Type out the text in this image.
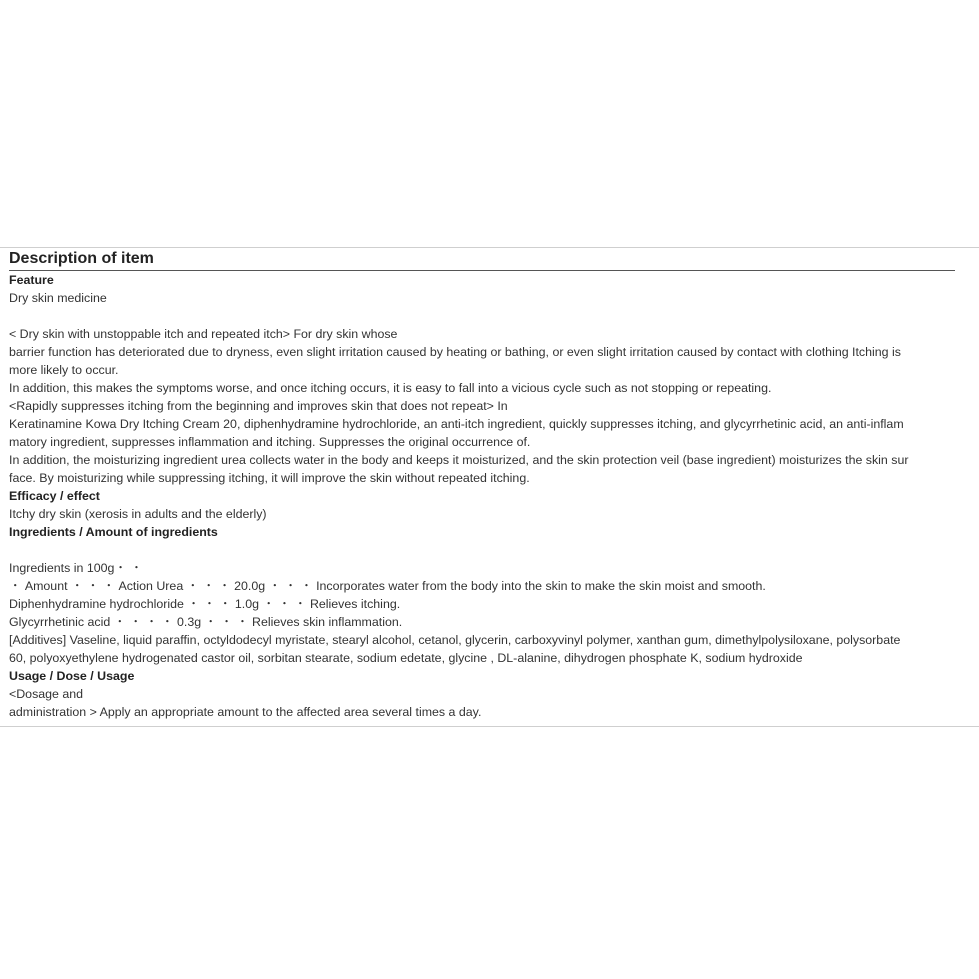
Description of item
Feature
Dry skin medicine
< Dry skin with unstoppable itch and repeated itch> For dry skin whose
barrier function has deteriorated due to dryness, even slight irritation caused by heating or bathing, or even slight irritation caused by contact with clothing Itching is
more likely to occur.
In addition, this makes the symptoms worse, and once itching occurs, it is easy to fall into a vicious cycle such as not stopping or repeating.
<Rapidly suppresses itching from the beginning and improves skin that does not repeat> In
Keratinamine Kowa Dry Itching Cream 20, diphenhydramine hydrochloride, an anti-itch ingredient, quickly suppresses itching, and glycyrrhetinic acid, an anti-inflam
matory ingredient, suppresses inflammation and itching. Suppresses the original occurrence of.
In addition, the moisturizing ingredient urea collects water in the body and keeps it moisturized, and the skin protection veil (base ingredient) moisturizes the skin sur
face. By moisturizing while suppressing itching, it will improve the skin without repeated itching.
Efficacy / effect
Itchy dry skin (xerosis in adults and the elderly)
Ingredients / Amount of ingredients
Ingredients in 100g・ ・
・ Amount ・ ・ ・ Action Urea ・ ・ ・ 20.0g ・ ・ ・ Incorporates water from the body into the skin to make the skin moist and smooth.
Diphenhydramine hydrochloride ・ ・ ・ 1.0g ・ ・ ・ Relieves itching.
Glycyrrhetinic acid ・ ・ ・ ・ 0.3g ・ ・ ・ Relieves skin inflammation.
[Additives] Vaseline, liquid paraffin, octyldodecyl myristate, stearyl alcohol, cetanol, glycerin, carboxyvinyl polymer, xanthan gum, dimethylpolysiloxane, polysorbate
60, polyoxyethylene hydrogenated castor oil, sorbitan stearate, sodium edetate, glycine , DL-alanine, dihydrogen phosphate K, sodium hydroxide
Usage / Dose / Usage
<Dosage and
administration > Apply an appropriate amount to the affected area several times a day.
